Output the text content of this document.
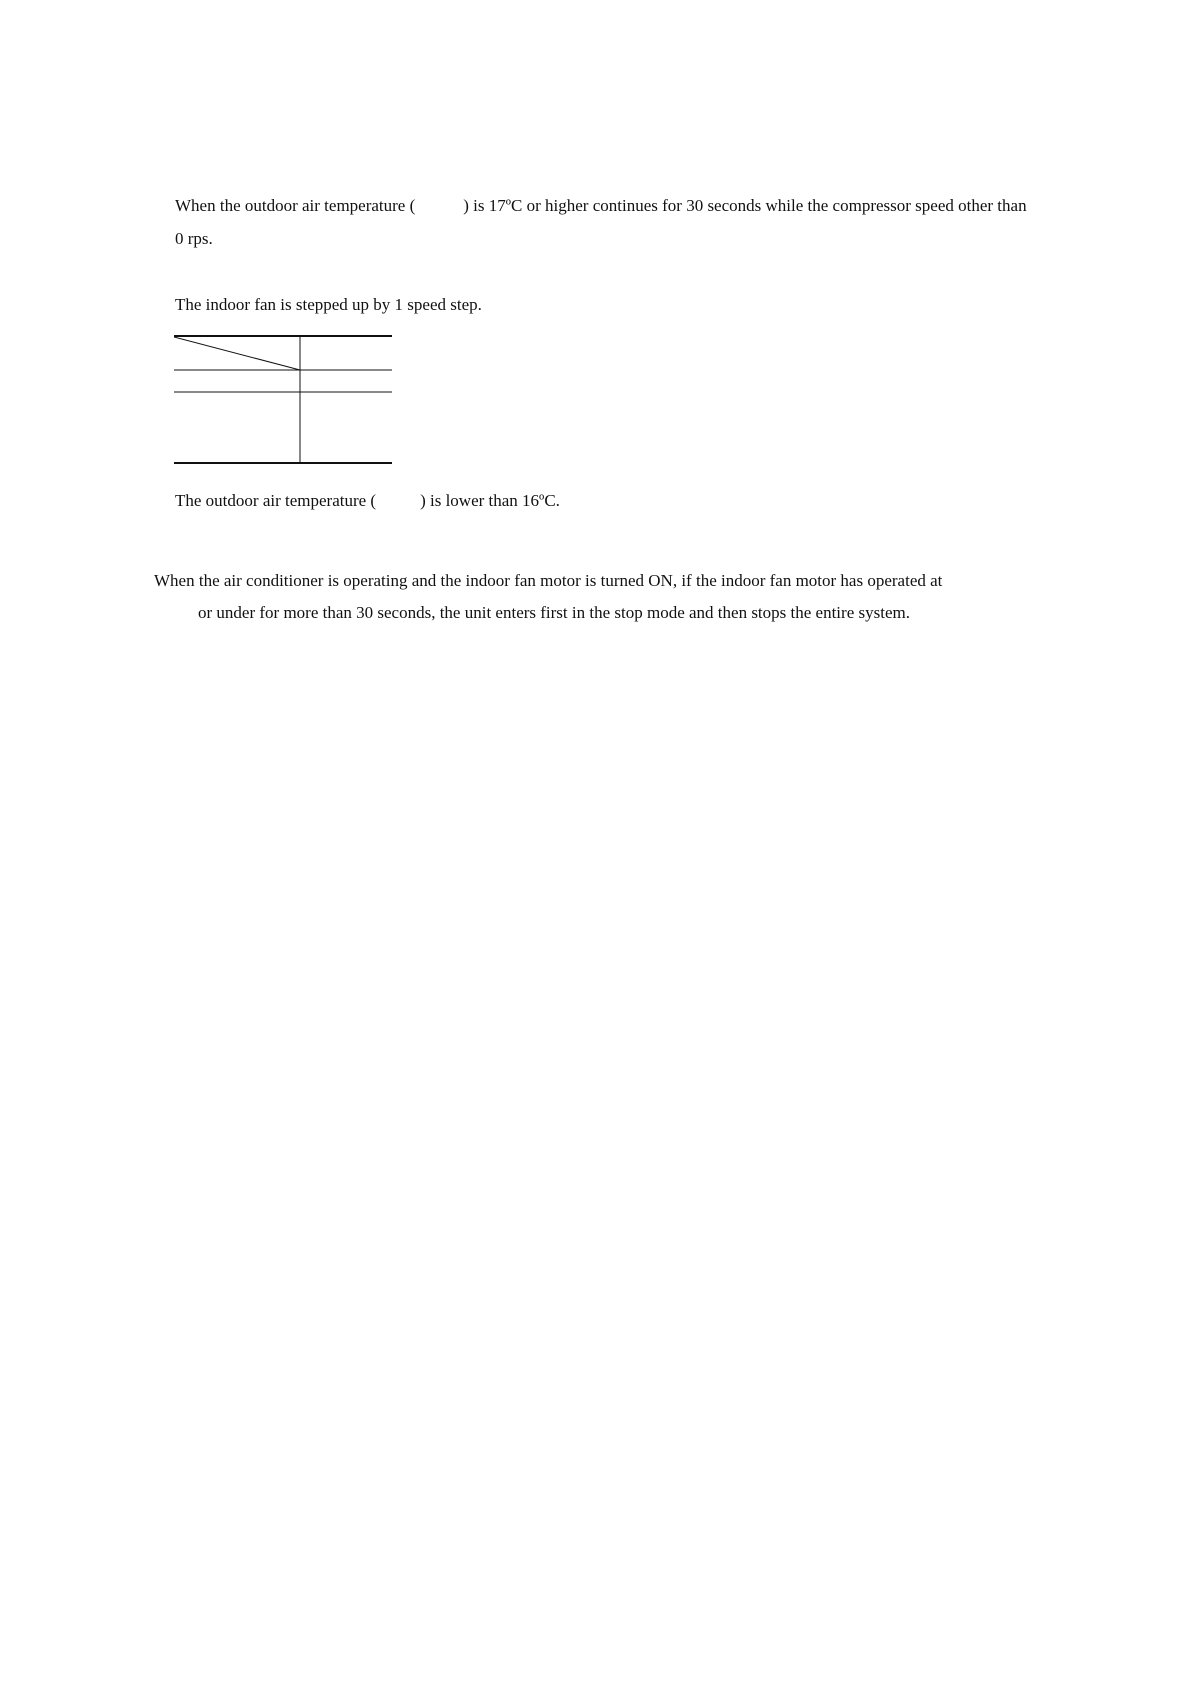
When the outdoor air temperature (	) is 17ºC or higher continues for 30 seconds while the compressor speed other than
0 rps.
The indoor fan is stepped up by 1 speed step.
The outdoor air temperature (	) is lower than 16ºC.
When the air conditioner is operating and the indoor fan motor is turned ON, if the indoor fan motor has operated at
or under for more than 30 seconds, the unit enters first in the stop mode and then stops the entire system.
